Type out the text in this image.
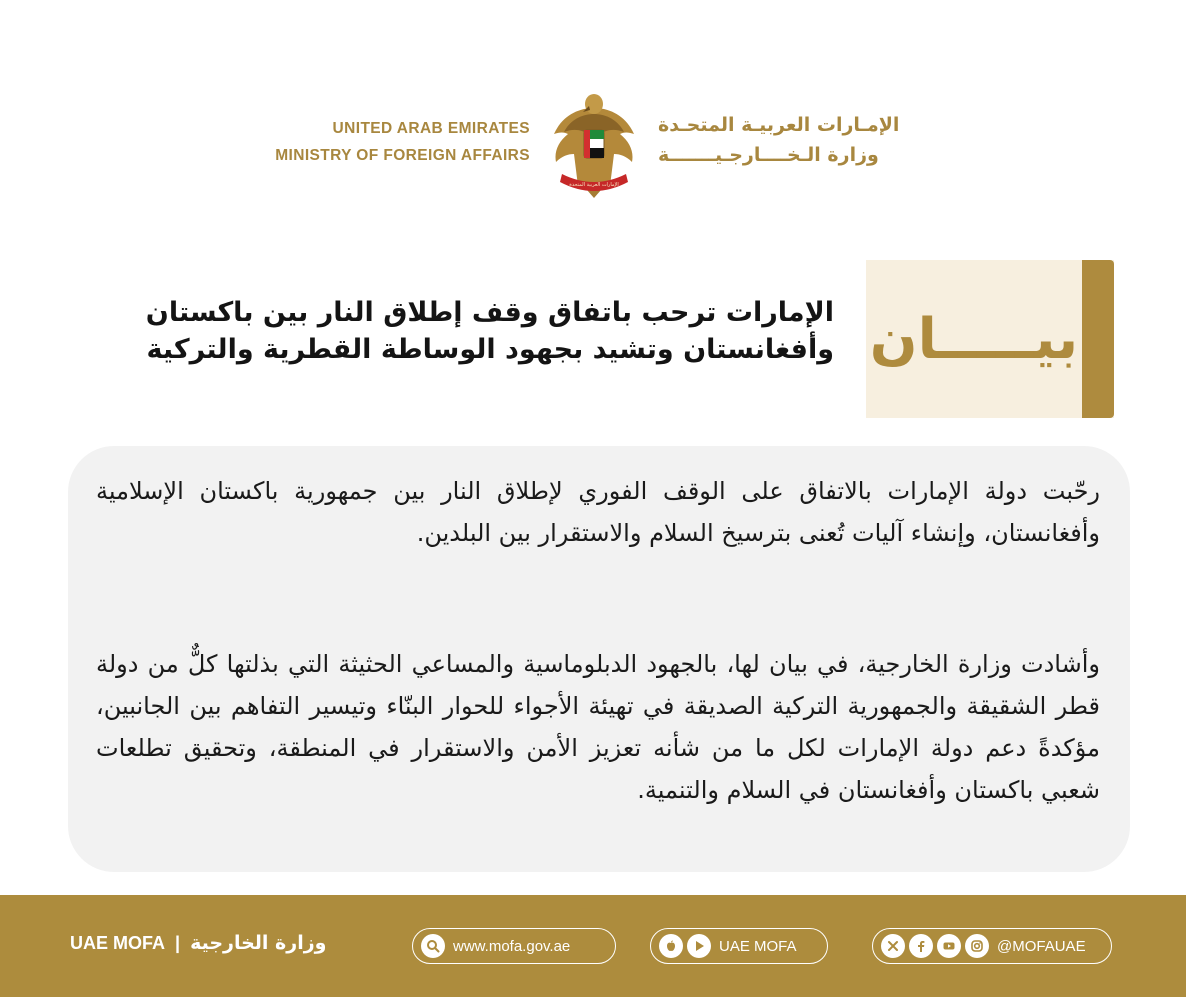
UNITED ARAB EMIRATES
MINISTRY OF FOREIGN AFFAIRS
الإمارات العربية المتحدة
الإمـارات العربيـة المتحـدة
وزارة الـخــــارجـيـــــــة
الإمارات ترحب باتفاق وقف إطلاق النار بين باكستان
وأفغانستان وتشيد بجهود الوساطة القطرية والتركية بيـــــان

رحّبت دولة الإمارات بالاتفاق على الوقف الفوري لإطلاق النار بين جمهورية باكستان الإسلامية وأفغانستان، وإنشاء آليات تُعنى بترسيخ السلام والاستقرار بين البلدين.

وأشادت وزارة الخارجية، في بيان لها، بالجهود الدبلوماسية والمساعي الحثيثة التي بذلتها كلٌّ من دولة قطر الشقيقة والجمهورية التركية الصديقة في تهيئة الأجواء للحوار البنّاء وتيسير التفاهم بين الجانبين، مؤكدةً دعم دولة الإمارات لكل ما من شأنه تعزيز الأمن والاستقرار في المنطقة، وتحقيق تطلعات شعبي باكستان وأفغانستان في السلام والتنمية.

UAE MOFA | وزارة الخارجية	www.mofa.gov.ae	UAE MOFA	@MOFAUAE
